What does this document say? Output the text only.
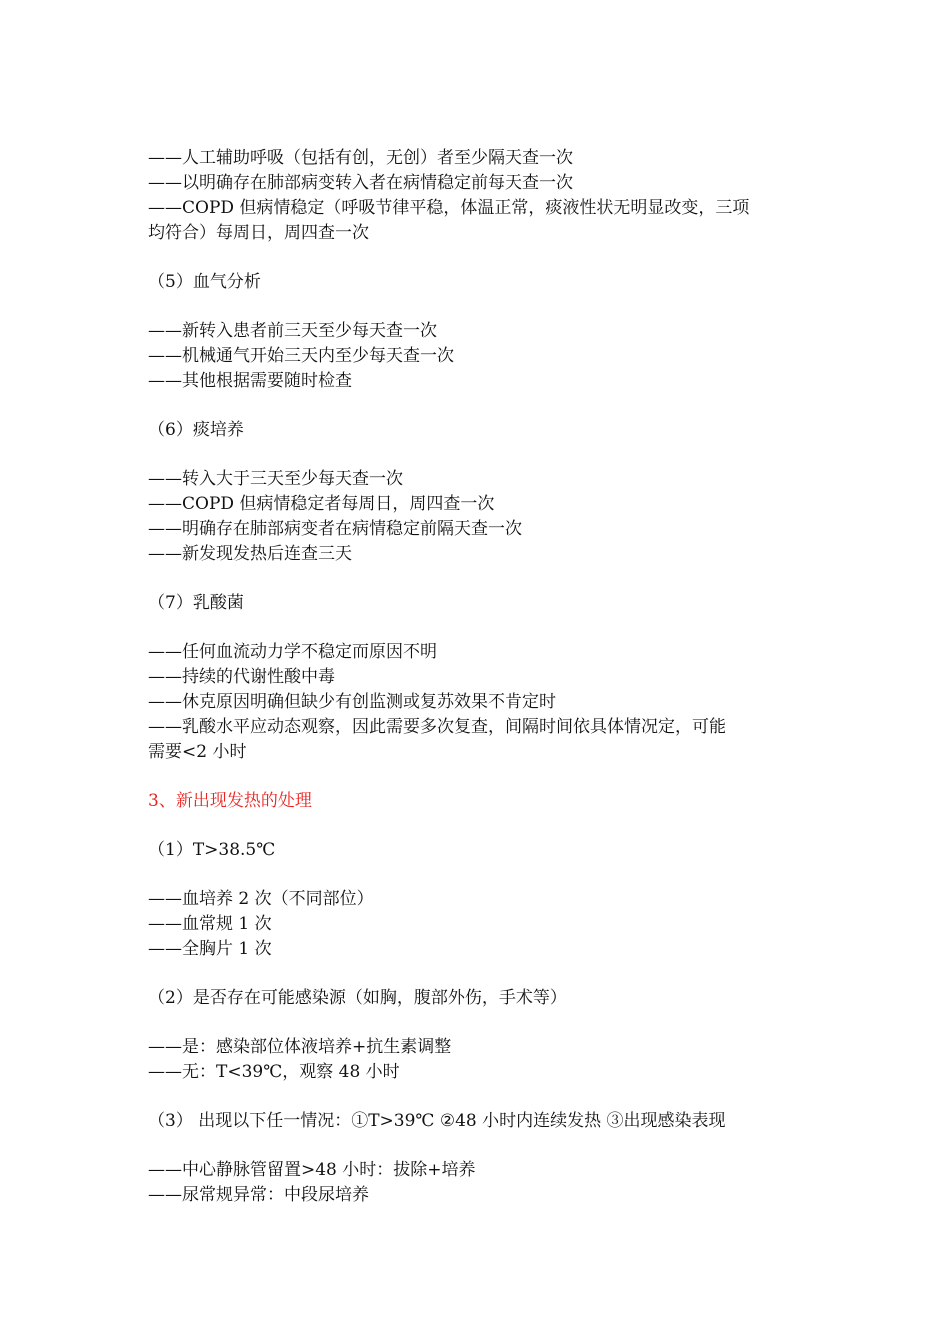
——人工辅助呼吸（包括有创，无创）者至少隔天查一次

——以明确存在肺部病变转入者在病情稳定前每天查一次

——COPD 但病情稳定（呼吸节律平稳，体温正常，痰液性状无明显改变，三项

均符合）每周日，周四查一次

（5）血气分析

——新转入患者前三天至少每天查一次

——机械通气开始三天内至少每天查一次

——其他根据需要随时检查

（6）痰培养

——转入大于三天至少每天查一次

——COPD 但病情稳定者每周日，周四查一次

——明确存在肺部病变者在病情稳定前隔天查一次

——新发现发热后连查三天

（7）乳酸菌

——任何血流动力学不稳定而原因不明

——持续的代谢性酸中毒

——休克原因明确但缺少有创监测或复苏效果不肯定时

——乳酸水平应动态观察，因此需要多次复查，间隔时间依具体情况定，可能

需要<2 小时

3、新出现发热的处理

（1）T>38.5℃

——血培养 2 次（不同部位）

——血常规 1 次

——全胸片 1 次

（2）是否存在可能感染源（如胸，腹部外伤，手术等）

——是：感染部位体液培养+抗生素调整

——无：T<39℃，观察 48 小时

（3） 出现以下任一情况：①T>39℃ ②48 小时内连续发热 ③出现感染表现

——中心静脉管留置>48 小时：拔除+培养

——尿常规异常：中段尿培养
